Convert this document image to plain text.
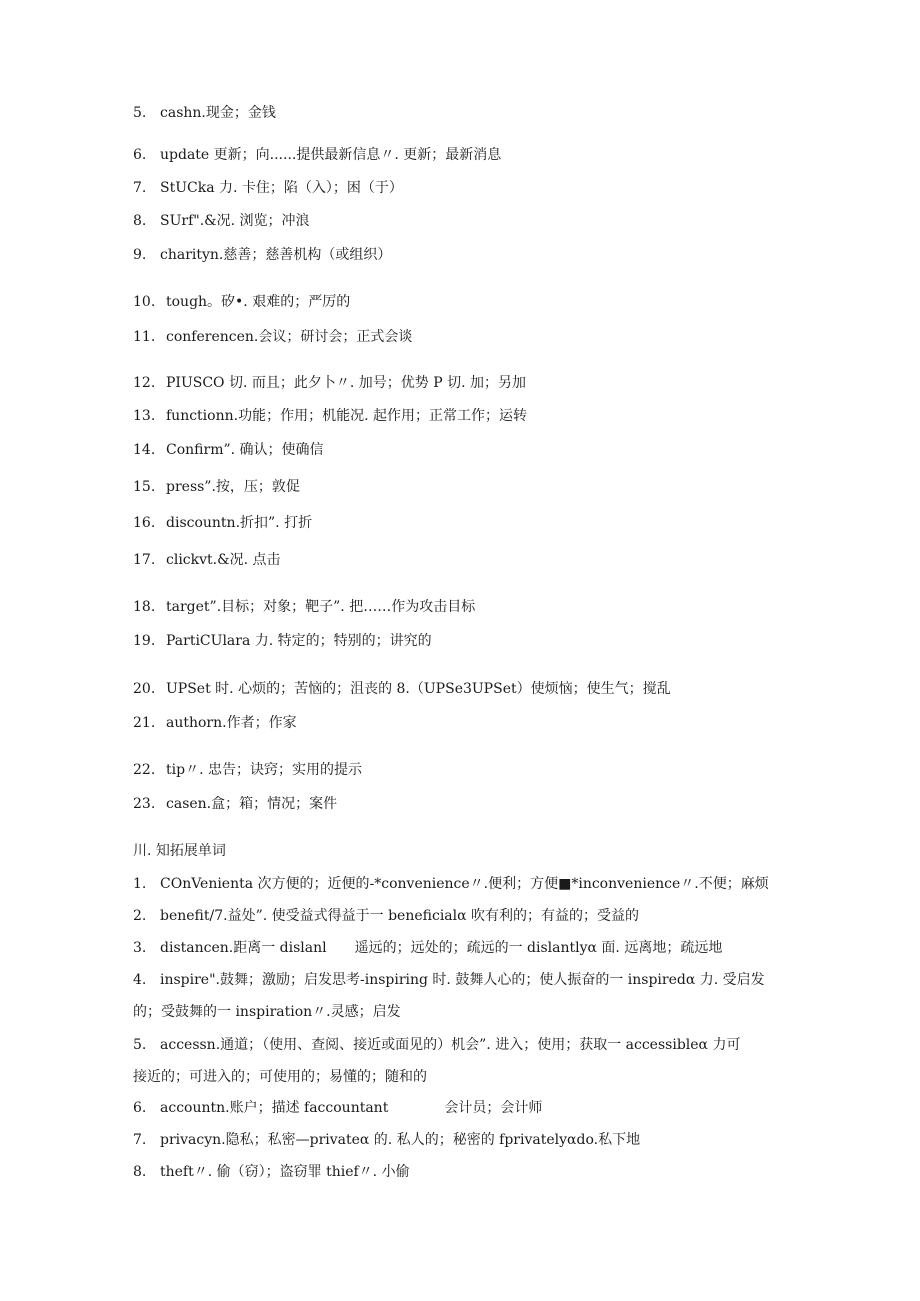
5. cashn.现金；金钱
6. update 更新；向......提供最新信息〃. 更新；最新消息
7. StUCka 力. 卡住；陷（入）；困（于）
8. SUrf".&况. 浏览；冲浪
9. charityn.慈善；慈善机构（或组织）
10. tough。矽•. 艰难的；严厉的
11. conferencen.会议；研讨会；正式会谈
12. PIUSCO 切. 而且；此夕卜〃. 加号；优势 P 切. 加；另加
13. functionn.功能；作用；机能况. 起作用；正常工作；运转
14. Confirm”. 确认；使确信
15. press”.按，压；敦促
16. discountn.折扣”. 打折
17. clickvt.&况. 点击
18. target”.目标；对象；靶子”. 把……作为攻击目标
19. PartiCUlara 力. 特定的；特别的；讲究的
20. UPSet 时. 心烦的；苦恼的；沮丧的 8.（UPSe3UPSet）使烦恼；使生气；搅乱
21. authorn.作者；作家
22. tip〃. 忠告；诀窍；实用的提示
23. casen.盒；箱；情况；案件
川. 知拓展单词
1. COnVenienta 次方便的；近便的-*convenience〃.便利；方便■*inconvenience〃.不便；麻烦
2. benefit/7.益处”. 使受益式得益于一 beneficialα 吹有利的；有益的；受益的
3. distancen.距离一 dislanl　　遥远的；远处的；疏远的一 dislantlyα 面. 远离地；疏远地
4. inspire".鼓舞；激励；启发思考-inspiring 时. 鼓舞人心的；使人振奋的一 inspiredα 力. 受启发
的；受鼓舞的一 inspiration〃.灵感；启发
5. accessn.通道；（使用、查阅、接近或面见的）机会”. 进入；使用；获取一 accessibleα 力可
接近的；可进入的；可使用的；易懂的；随和的
6. accountn.账户；描述 faccountant　　　　会计员；会计师
7. privacyn.隐私；私密—privateα 的. 私人的；秘密的 fprivatelyαdo.私下地
8. theft〃. 偷（窃）；盗窃罪 thief〃. 小偷
